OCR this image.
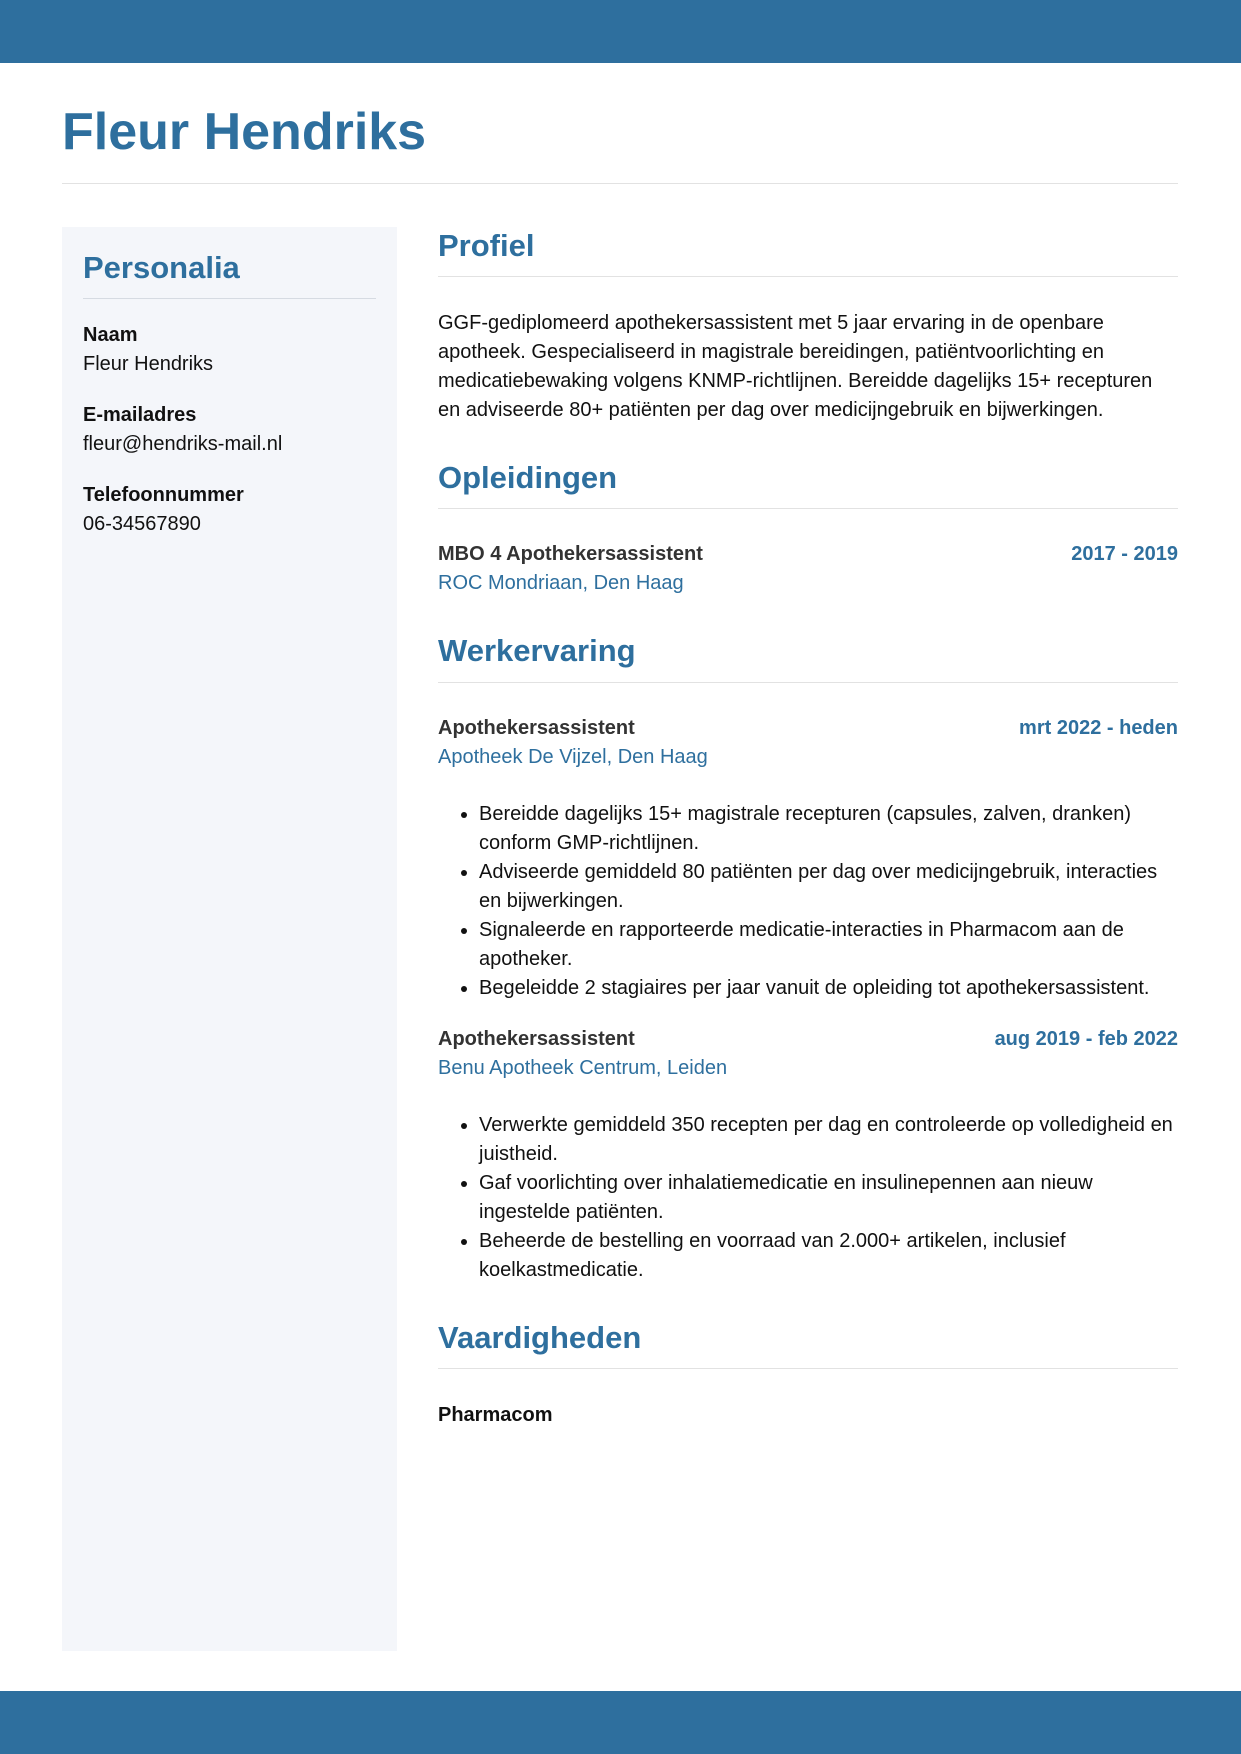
Fleur Hendriks
Personalia
Naam
Fleur Hendriks
E-mailadres
fleur@hendriks-mail.nl
Telefoonnummer
06-34567890
Profiel

GGF-gediplomeerd apothekersassistent met 5 jaar ervaring in de openbare apotheek. Gespecialiseerd in magistrale bereidingen, patiëntvoorlichting en medicatiebewaking volgens KNMP-richtlijnen. Bereidde dagelijks 15+ recepturen en adviseerde 80+ patiënten per dag over medicijngebruik en bijwerkingen.

Opleidingen
MBO 4 Apothekersassistent	2017 - 2019
ROC Mondriaan, Den Haag
Werkervaring
Apothekersassistent	mrt 2022 - heden
Apotheek De Vijzel, Den Haag
• Bereidde dagelijks 15+ magistrale recepturen (capsules, zalven, dranken) conform GMP-richtlijnen.
• Adviseerde gemiddeld 80 patiënten per dag over medicijngebruik, interacties en bijwerkingen.
• Signaleerde en rapporteerde medicatie-interacties in Pharmacom aan de apotheker.
• Begeleidde 2 stagiaires per jaar vanuit de opleiding tot apothekersassistent.
Apothekersassistent	aug 2019 - feb 2022
Benu Apotheek Centrum, Leiden
• Verwerkte gemiddeld 350 recepten per dag en controleerde op volledigheid en juistheid.
• Gaf voorlichting over inhalatiemedicatie en insulinepennen aan nieuw ingestelde patiënten.
• Beheerde de bestelling en voorraad van 2.000+ artikelen, inclusief koelkastmedicatie.
Vaardigheden
Pharmacom
